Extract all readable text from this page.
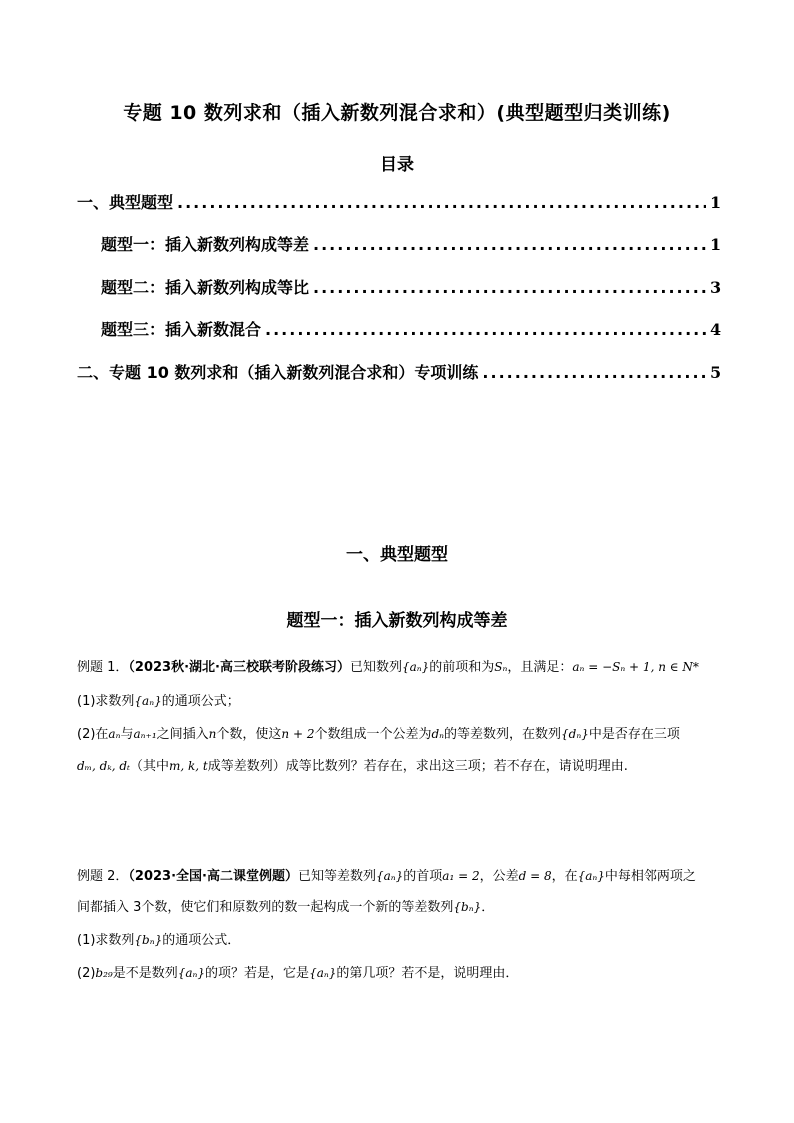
专题 10 数列求和（插入新数列混合求和）(典型题型归类训练)
目录
一、典型题型 .....	1
题型一：插入新数列构成等差 .....	1
题型二：插入新数列构成等比 .....	3
题型三：插入新数混合 .....	4
二、专题 10 数列求和（插入新数列混合求和）专项训练 .....	5
一、典型题型
题型一：插入新数列构成等差
例题 1．（2023秋·湖北·高三校联考阶段练习）已知数列{aₙ}的前项和为Sₙ，且满足：aₙ = −Sₙ + 1, n ∈ N*
(1)求数列{aₙ}的通项公式；
(2)在aₙ与aₙ₊₁之间插入n个数，使这n + 2个数组成一个公差为dₙ的等差数列，在数列{dₙ}中是否存在三项
dₘ, dₖ, dₜ（其中m, k, t成等差数列）成等比数列？若存在，求出这三项；若不存在，请说明理由.
例题 2．（2023·全国·高二课堂例题）已知等差数列{aₙ}的首项a₁ = 2，公差d = 8，在{aₙ}中每相邻两项之
间都插入 3个数，使它们和原数列的数一起构成一个新的等差数列{bₙ}．
(1)求数列{bₙ}的通项公式．
(2)b₂₉是不是数列{aₙ}的项？若是，它是{aₙ}的第几项？若不是，说明理由．
